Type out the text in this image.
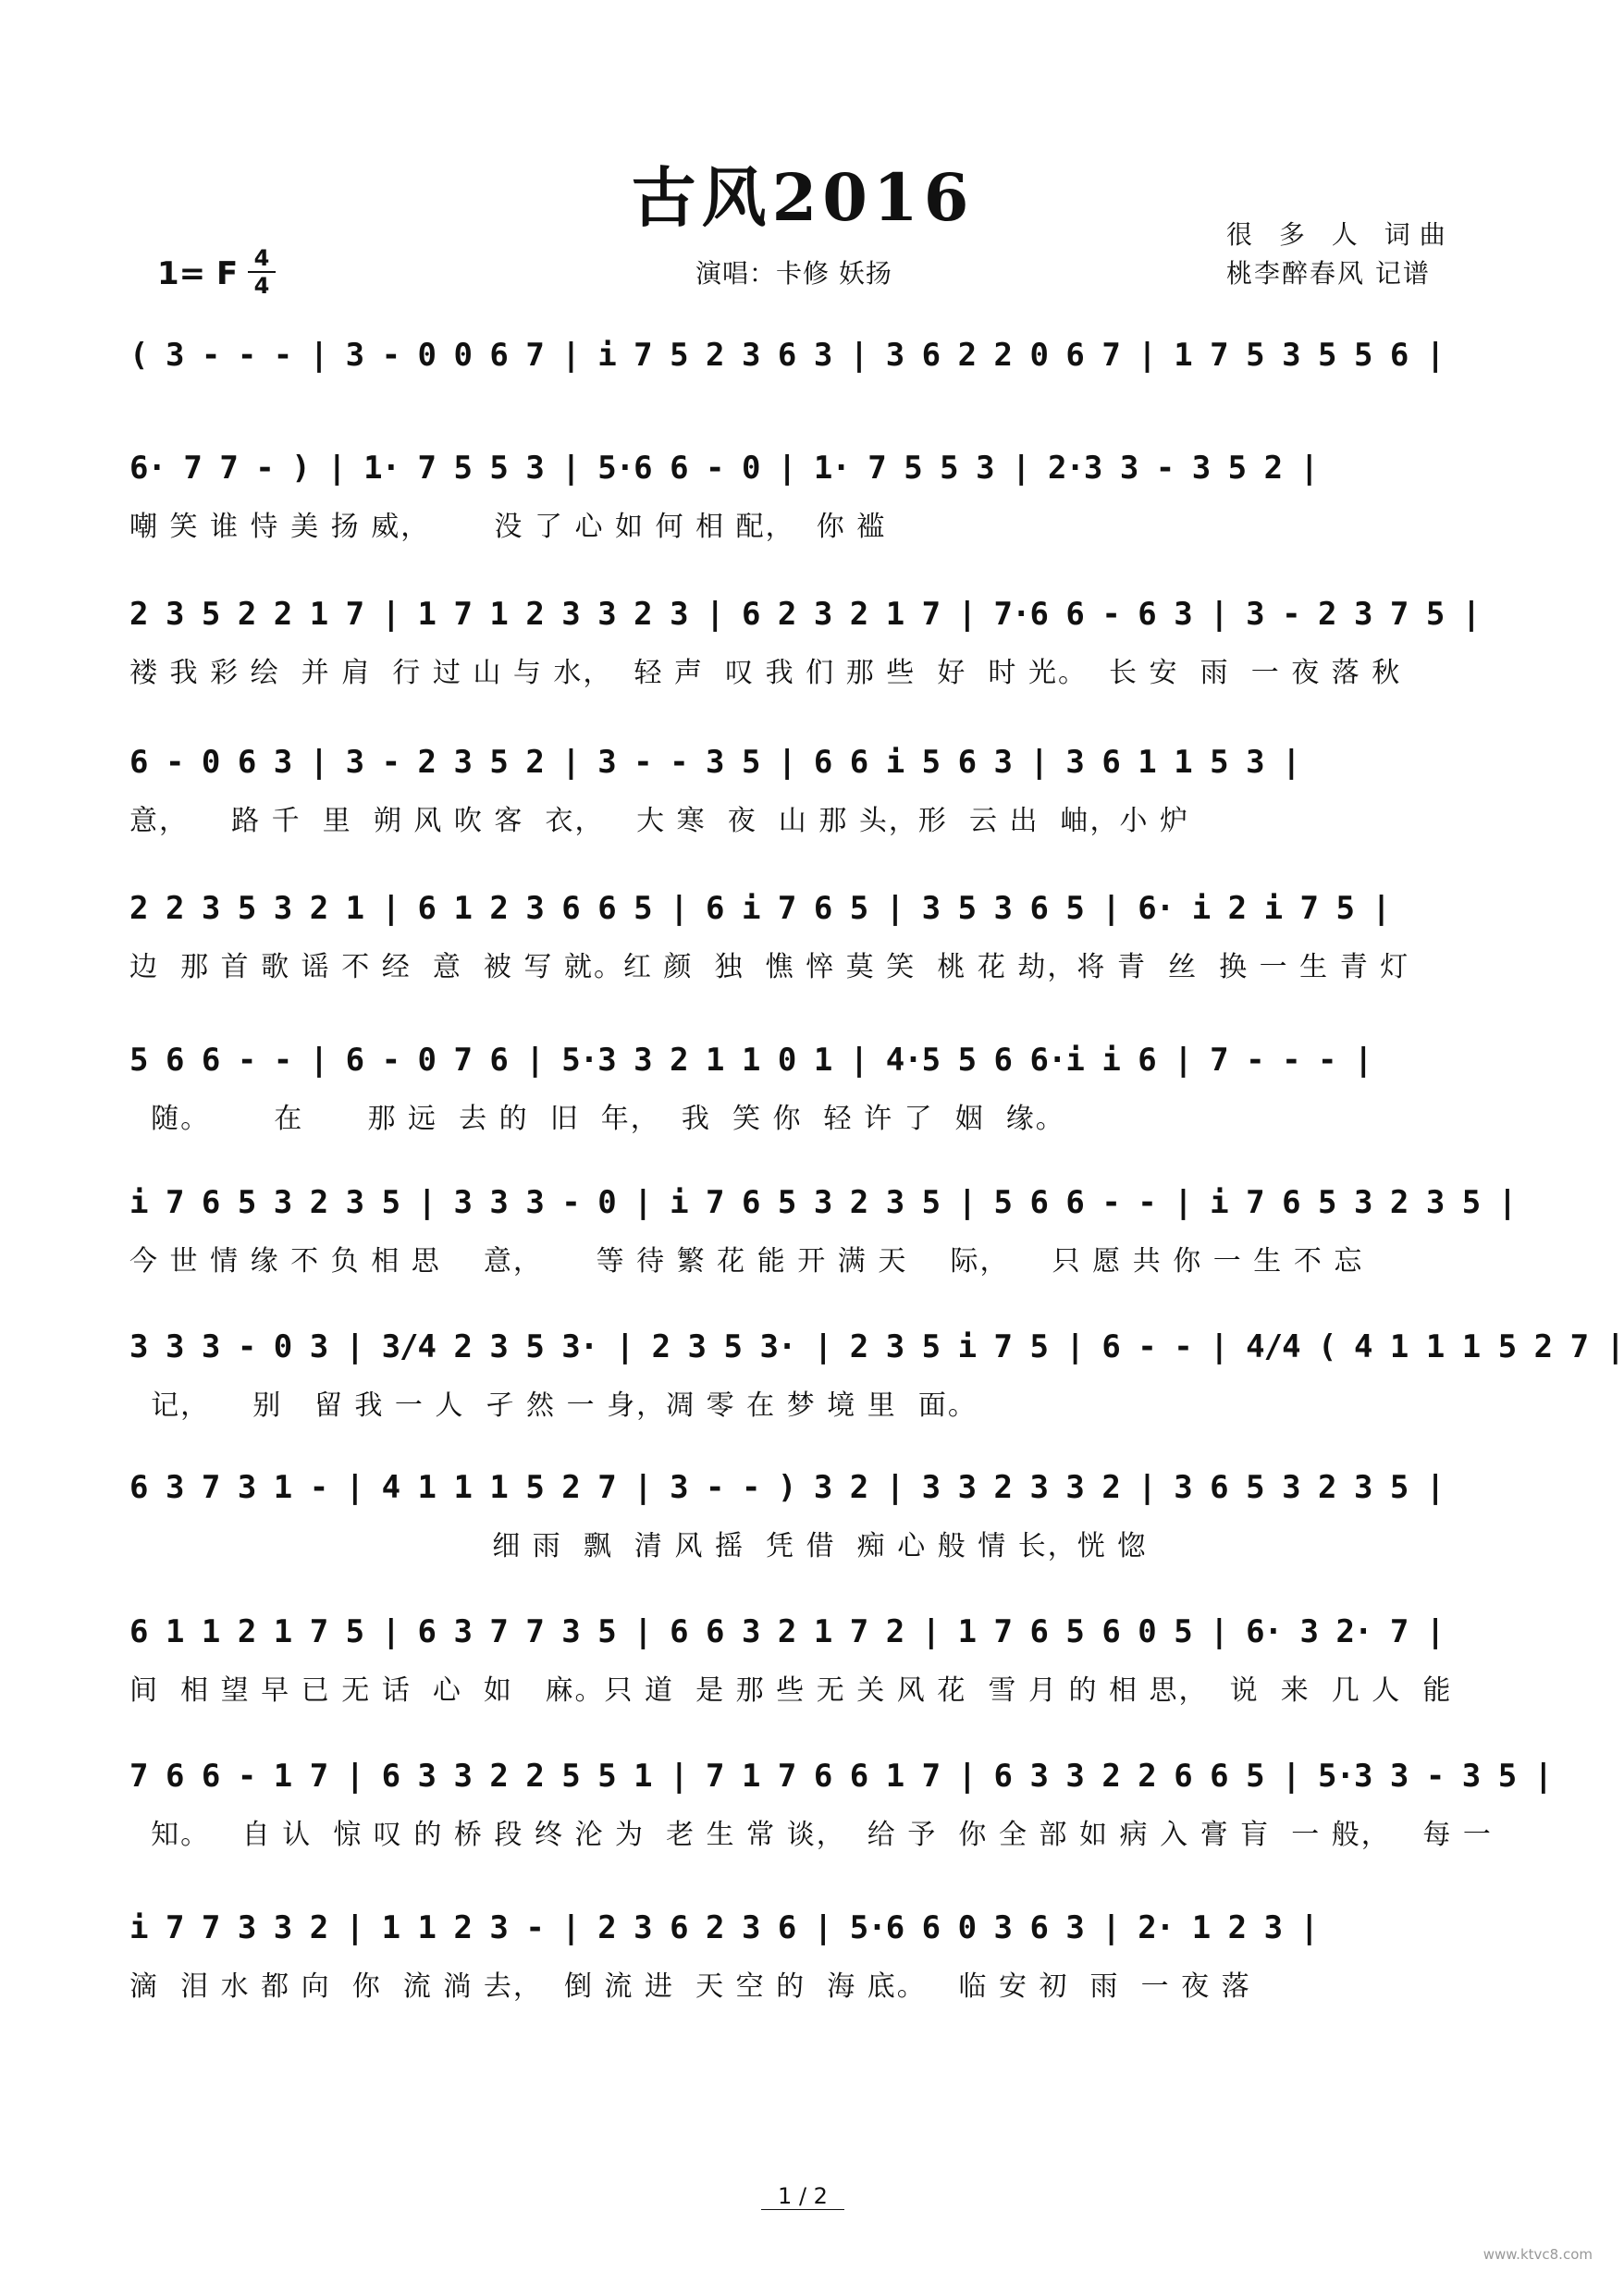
古风2016	很 多 人 词曲
桃李醉春风 记谱
演唱：卡修 妖扬
1= F 4
4
( 3 - - - | 3 - 0 0 6 7 | i 7 5 2 3 6 3 | 3 6 2 2 0 6 7 | 1 7 5 3 5 5 6 |
6· 7 7 - ) | 1· 7 5 5 3 | 5·6 6 - 0 | 1· 7 5 5 3 | 2·3 3 - 3 5 2 |
嘲 笑 谁 恃 美 扬 威，      没 了 心 如 何 相 配，  你 褴
2 3 5 2 2 1 7 | 1 7 1 2 3 3 2 3 | 6 2 3 2 1 7 | 7·6 6 - 6 3 | 3 - 2 3 7 5 |
褛 我 彩 绘  并 肩  行 过 山 与 水，  轻 声  叹 我 们 那 些  好  时 光。  长 安  雨  一 夜 落 秋
6 - 0 6 3 | 3 - 2 3 5 2 | 3 - - 3 5 | 6 6 i 5 6 3 | 3 6 1 1 5 3 |
意，    路 千  里  朔 风 吹 客  衣，   大 寒  夜  山 那 头，形  云 出  岫，小 炉
2 2 3 5 3 2 1 | 6 1 2 3 6 6 5 | 6 i 7 6 5 | 3 5 3 6 5 | 6· i 2 i 7 5 |
边  那 首 歌 谣 不 经  意  被 写 就。红 颜  独  憔 悴 莫 笑  桃 花 劫，将 青  丝  换 一 生 青 灯
5 6 6 - - | 6 - 0 7 6 | 5·3 3 2 1 1 0 1 | 4·5 5 6 6·i i 6 | 7 - - - |
随。      在      那 远  去 的  旧  年，  我  笑 你  轻 许 了  姻  缘。
i 7 6 5 3 2 3 5 | 3 3 3 - 0 | i 7 6 5 3 2 3 5 | 5 6 6 - - | i 7 6 5 3 2 3 5 |
今 世 情 缘 不 负 相 思    意，     等 待 繁 花 能 开 满 天    际，    只 愿 共 你 一 生 不 忘
3 3 3 - 0 3 | 3/4 2 3 5 3· | 2 3 5 3· | 2 3 5 i 7 5 | 6 - - | 4/4 ( 4 1 1 1 5 2 7 |
记，    别   留 我 一 人  孑 然 一 身，凋 零 在 梦 境 里  面。
6 3 7 3 1 - | 4 1 1 1 5 2 7 | 3 - - ) 3 2 | 3 3 2 3 3 2 | 3 6 5 3 2 3 5 |
细 雨  飘  清 风 摇  凭 借  痴 心 般 情 长，恍 惚
6 1 1 2 1 7 5 | 6 3 7 7 3 5 | 6 6 3 2 1 7 2 | 1 7 6 5 6 0 5 | 6· 3 2· 7 |
间  相 望 早 已 无 话  心  如   麻。只 道  是 那 些 无 关 风 花  雪 月 的 相 思，  说  来  几 人  能
7 6 6 - 1 7 | 6 3 3 2 2 5 5 1 | 7 1 7 6 6 1 7 | 6 3 3 2 2 6 6 5 | 5·3 3 - 3 5 |
知。   自 认  惊 叹 的 桥 段 终 沦 为  老 生 常 谈，  给 予  你 全 部 如 病 入 膏 肓  一 般，   每 一
i 7 7 3 3 2 | 1 1 2 3 - | 2 3 6 2 3 6 | 5·6 6 0 3 6 3 | 2· 1 2 3 |
滴  泪 水 都 向  你  流 淌 去，  倒 流 进  天 空 的  海 底。   临 安 初  雨  一 夜 落
1 / 2
www.ktvc8.com
